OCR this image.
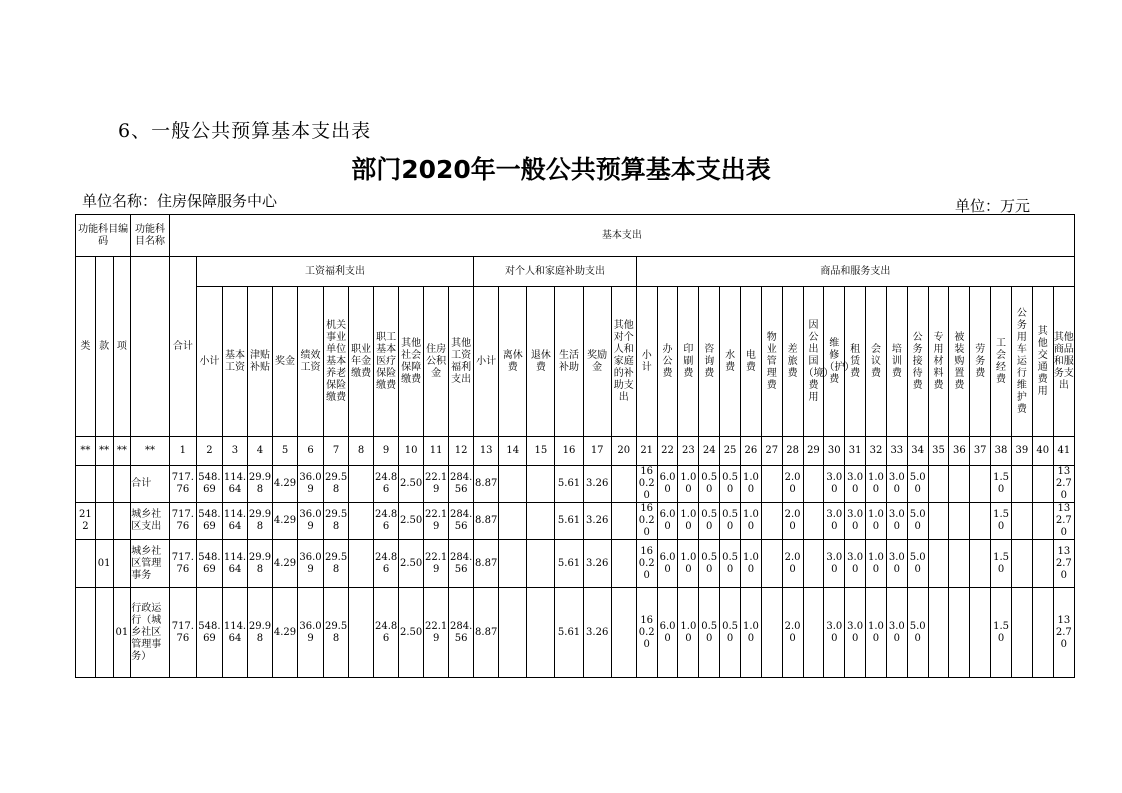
6、一般公共预算基本支出表
部门2020年一般公共预算基本支出表
单位名称：住房保障服务中心	单位：万元
功能科目编码			功能科目名称	基本支出																																						
类	款	项		合计	工资福利支出											对个人和家庭补助支出						商品和服务支出																				
					小计	基本工资	津贴补贴	奖金	绩效工资	机关事业单位基本养老保险缴费	职业年金缴费	职工基本医疗保险缴费	其他社会保障缴费	住房公积金	其他工资福利支出	小计	离休费	退休费	生活补助	奖励金	其他对个人和家庭的补助支出	小计	办公费	印刷费	咨询费	水费	电费	物业管理费	差旅费	因公出国（境）费用	维修（护）费	租赁费	会议费	培训费	公务接待费	专用材料费	被装购置费	劳务费	工会经费	公务用车运行维护费	其他交通费用	其他商品和服务支出
**	**	**	**	1	2	3	4	5	6	7	8	9	10	11	12	13	14	15	16	17	20	21	22	23	24	25	26	27	28	29	30	31	32	33	34	35	36	37	38	39	40	41
			合计	717.76	548.69	114.64	29.98	4.29	36.09	29.58		24.86	2.50	22.19	284.56	8.87			5.61	3.26		160.20	6.00	1.00	0.50	0.50	1.00		2.00		3.00	3.00	1.00	3.00	5.00				1.50			132.70
212			城乡社区支出	717.76	548.69	114.64	29.98	4.29	36.09	29.58		24.86	2.50	22.19	284.56	8.87			5.61	3.26		160.20	6.00	1.00	0.50	0.50	1.00		2.00		3.00	3.00	1.00	3.00	5.00				1.50			132.70
	01		城乡社区管理事务	717.76	548.69	114.64	29.98	4.29	36.09	29.58		24.86	2.50	22.19	284.56	8.87			5.61	3.26		160.20	6.00	1.00	0.50	0.50	1.00		2.00		3.00	3.00	1.00	3.00	5.00				1.50			132.70
		01	行政运行（城乡社区管理事务）	717.76	548.69	114.64	29.98	4.29	36.09	29.58		24.86	2.50	22.19	284.56	8.87			5.61	3.26		160.20	6.00	1.00	0.50	0.50	1.00		2.00		3.00	3.00	1.00	3.00	5.00				1.50			132.70
